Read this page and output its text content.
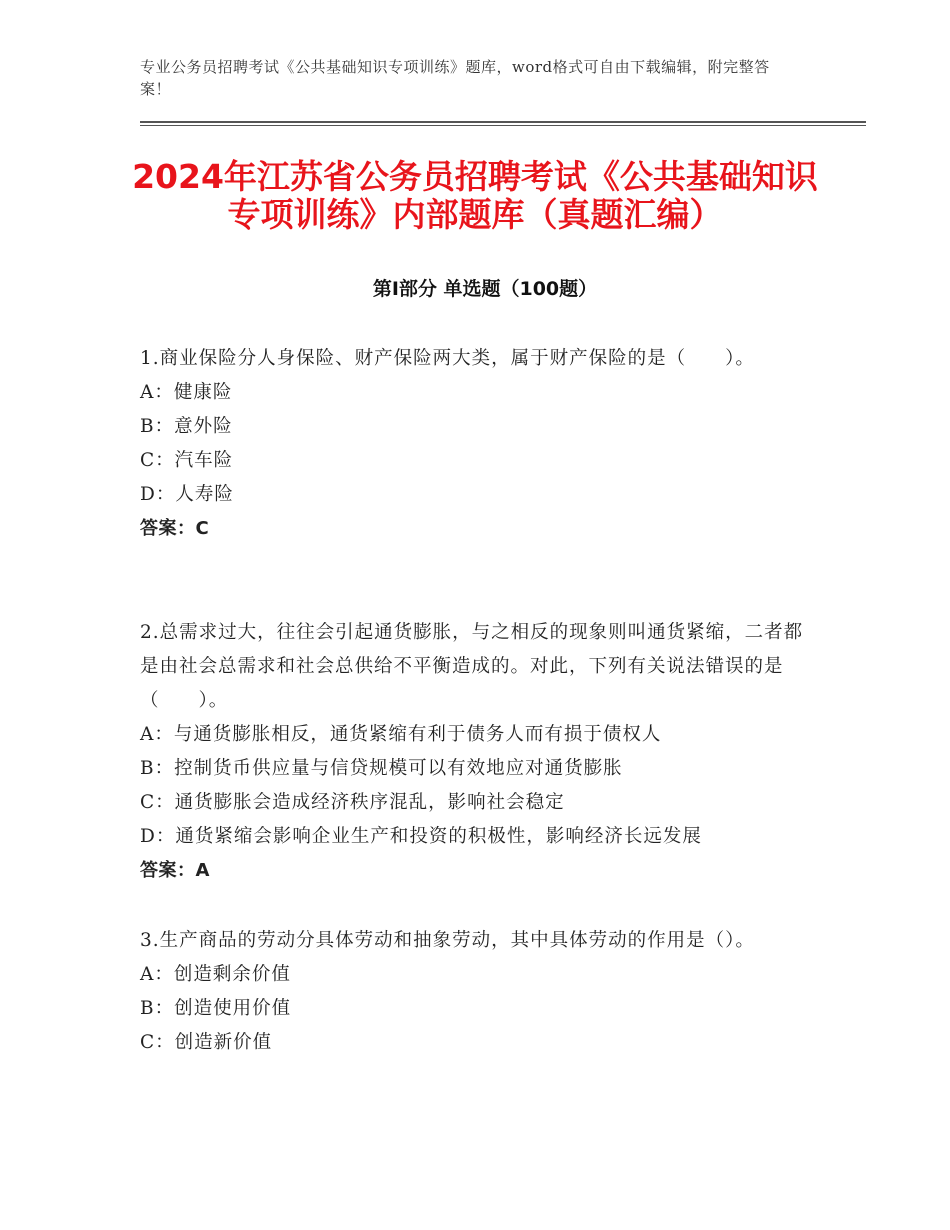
专业公务员招聘考试《公共基础知识专项训练》题库，word格式可自由下载编辑，附完整答案！
2024年江苏省公务员招聘考试《公共基础知识专项训练》内部题库（真题汇编）
第Ⅰ部分 单选题（100题）

1.商业保险分人身保险、财产保险两大类，属于财产保险的是（　　）。

A：健康险

B：意外险

C：汽车险

D：人寿险

答案：C

2.总需求过大，往往会引起通货膨胀，与之相反的现象则叫通货紧缩，二者都是由社会总需求和社会总供给不平衡造成的。对此，下列有关说法错误的是（　　）。

A：与通货膨胀相反，通货紧缩有利于债务人而有损于债权人

B：控制货币供应量与信贷规模可以有效地应对通货膨胀

C：通货膨胀会造成经济秩序混乱，影响社会稳定

D：通货紧缩会影响企业生产和投资的积极性，影响经济长远发展

答案：A

3.生产商品的劳动分具体劳动和抽象劳动，其中具体劳动的作用是（）。

A：创造剩余价值

B：创造使用价值

C：创造新价值
